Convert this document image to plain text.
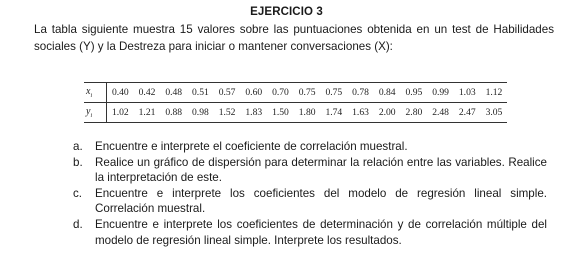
EJERCICIO 3
La tabla siguiente muestra 15 valores sobre las puntuaciones obtenida en un test de Habilidades sociales (Y) y la Destreza para iniciar o mantener conversaciones (X):
$x_i$	0.40	0.42	0.48	0.51	0.57	0.60	0.70	0.75	0.75	0.78	0.84	0.95	0.99	1.03	1.12
$y_i$	1.02	1.21	0.88	0.98	1.52	1.83	1.50	1.80	1.74	1.63	2.00	2.80	2.48	2.47	3.05
a. Encuentre e interprete el coeficiente de correlación muestral.
b. Realice un gráfico de dispersión para determinar la relación entre las variables. Realice la interpretación de este.
c. Encuentre e interprete los coeficientes del modelo de regresión lineal simple. Correlación muestral.
d. Encuentre e interprete los coeficientes de determinación y de correlación múltiple del modelo de regresión lineal simple. Interprete los resultados.
